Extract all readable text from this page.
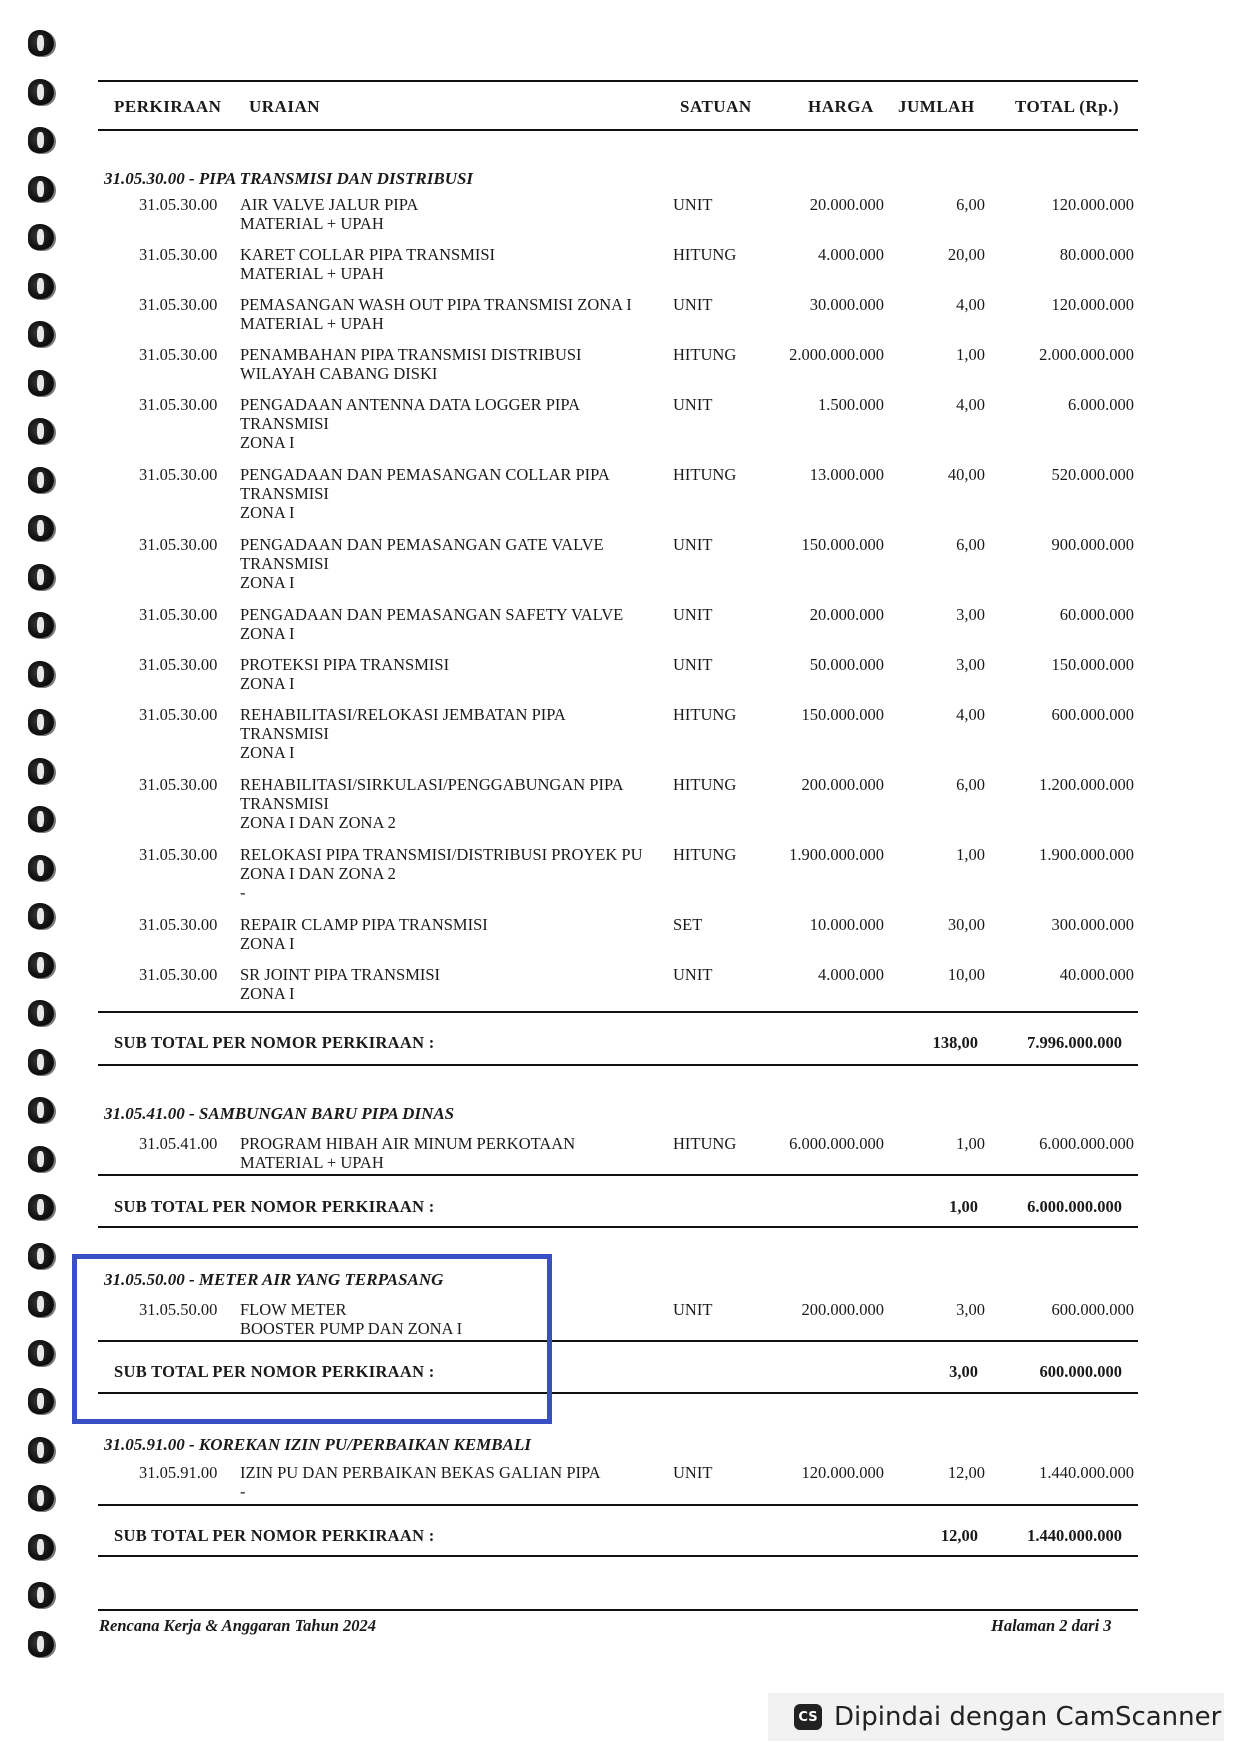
PERKIRAAN URAIAN	SATUAN	HARGA JUMLAH TOTAL (Rp.)
31.05.30.00 - PIPA TRANSMISI DAN DISTRIBUSI
31.05.30.00 AIR VALVE JALUR PIPA
MATERIAL + UPAH
UNIT	20.000.000	6,00	120.000.000
31.05.30.00 KARET COLLAR PIPA TRANSMISI
MATERIAL + UPAH
HITUNG	4.000.000	20,00	80.000.000
31.05.30.00 PEMASANGAN WASH OUT PIPA TRANSMISI ZONA I
MATERIAL + UPAH
UNIT	30.000.000	4,00	120.000.000
31.05.30.00 PENAMBAHAN PIPA TRANSMISI DISTRIBUSI
WILAYAH CABANG DISKI
HITUNG	2.000.000.000	1,00	2.000.000.000
31.05.30.00 PENGADAAN ANTENNA DATA LOGGER PIPA
TRANSMISI
ZONA I
UNIT	1.500.000	4,00	6.000.000
31.05.30.00 PENGADAAN DAN PEMASANGAN COLLAR PIPA
TRANSMISI
ZONA I
HITUNG	13.000.000	40,00	520.000.000
31.05.30.00 PENGADAAN DAN PEMASANGAN GATE VALVE
TRANSMISI
ZONA I
UNIT	150.000.000	6,00	900.000.000
31.05.30.00 PENGADAAN DAN PEMASANGAN SAFETY VALVE
ZONA I
UNIT	20.000.000	3,00	60.000.000
31.05.30.00 PROTEKSI PIPA TRANSMISI
ZONA I
UNIT	50.000.000	3,00	150.000.000
31.05.30.00 REHABILITASI/RELOKASI JEMBATAN PIPA
TRANSMISI
ZONA I
HITUNG	150.000.000	4,00	600.000.000
31.05.30.00 REHABILITASI/SIRKULASI/PENGGABUNGAN PIPA
TRANSMISI
ZONA I DAN ZONA 2
HITUNG	200.000.000	6,00	1.200.000.000
31.05.30.00 RELOKASI PIPA TRANSMISI/DISTRIBUSI PROYEK PU
ZONA I DAN ZONA 2
-
HITUNG	1.900.000.000	1,00	1.900.000.000
31.05.30.00 REPAIR CLAMP PIPA TRANSMISI
ZONA I
SET	10.000.000	30,00	300.000.000
31.05.30.00 SR JOINT PIPA TRANSMISI
ZONA I
UNIT	4.000.000	10,00	40.000.000
SUB TOTAL PER NOMOR PERKIRAAN :	138,00	7.996.000.000
31.05.41.00 - SAMBUNGAN BARU PIPA DINAS
31.05.41.00 PROGRAM HIBAH AIR MINUM PERKOTAAN
MATERIAL + UPAH
HITUNG	6.000.000.000	1,00	6.000.000.000
SUB TOTAL PER NOMOR PERKIRAAN :	1,00	6.000.000.000
31.05.50.00 - METER AIR YANG TERPASANG
31.05.50.00 FLOW METER
BOOSTER PUMP DAN ZONA I
UNIT	200.000.000	3,00	600.000.000
SUB TOTAL PER NOMOR PERKIRAAN :	3,00	600.000.000
31.05.91.00 - KOREKAN IZIN PU/PERBAIKAN KEMBALI
31.05.91.00 IZIN PU DAN PERBAIKAN BEKAS GALIAN PIPA
-
UNIT	120.000.000	12,00	1.440.000.000
SUB TOTAL PER NOMOR PERKIRAAN :	12,00	1.440.000.000
Rencana Kerja & Anggaran Tahun 2024	Halaman 2 dari 3
CS Dipindai dengan CamScanner
